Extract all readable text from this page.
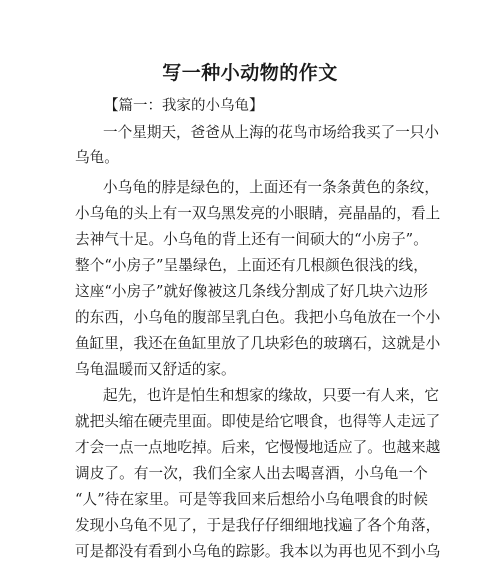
写一种小动物的作文
【篇一：我家的小乌龟】
一 个 星 期 天 ， 爸 爸 从 上 海 的 花 鸟 市 场 给 我 买 了 一 只 小
乌龟。
小 乌 龟 的 脖 是 绿 色 的 ， 上 面 还 有 一 条 条 黄 色 的 条 纹 ，
小 乌 龟 的 头 上 有 一 双 乌 黑 发 亮 的 小 眼 睛 ， 亮 晶 晶 的 ， 看 上
去 神 气 十 足 。 小 乌 龟 的 背 上 还 有 一 间 硕 大 的 “ 小 房 子 ” 。
整 个 “ 小 房 子 ” 呈 墨 绿 色 ， 上 面 还 有 几 根 颜 色 很 浅 的 线 ，
这 座 “ 小 房 子 ” 就 好 像 被 这 几 条 线 分 割 成 了 好 几 块 六 边 形
的 东 西 ， 小 乌 龟 的 腹 部 呈 乳 白 色 。 我 把 小 乌 龟 放 在 一 个 小
鱼 缸 里 ， 我 还 在 鱼 缸 里 放 了 几 块 彩 色 的 玻 璃 石 ， 这 就 是 小
乌龟温暖而又舒适的家。
起 先 ， 也 许 是 怕 生 和 想 家 的 缘 故 ， 只 要 一 有 人 来 ， 它
就 把 头 缩 在 硬 壳 里 面 。 即 使 是 给 它 喂 食 ， 也 得 等 人 走 远 了
才 会 一 点 一 点 地 吃 掉 。 后 来 ， 它 慢 慢 地 适 应 了 。 也 越 来 越
调 皮 了 。 有 一 次 ， 我 们 全 家 人 出 去 喝 喜 酒 ， 小 乌 龟 一 个
“ 人 ” 待 在 家 里 。 可 是 等 我 回 来 后 想 给 小 乌 龟 喂 食 的 时 候
发 现 小 乌 龟 不 见 了 ， 于 是 我 仔 仔 细 细 地 找 遍 了 各 个 角 落 ，
可 是 都 没 有 看 到 小 乌 龟 的 踪 影 。 我 本 以 为 再 也 见 不 到 小 乌
